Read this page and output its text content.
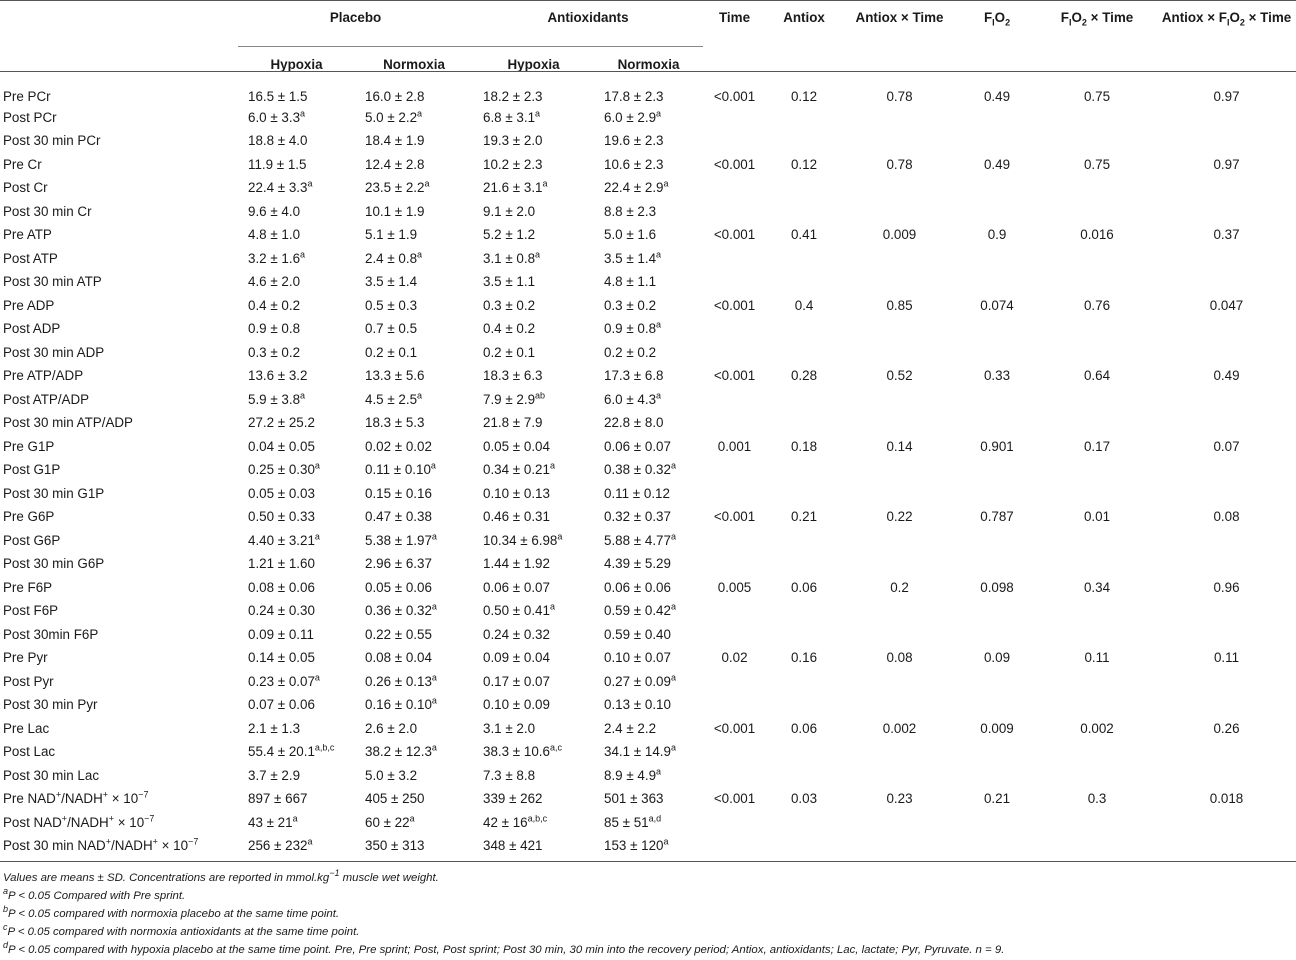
	Placebo		Antioxidants		Time	Antiox	Antiox × Time	$F_IO_2$	$F_IO_2$ × Time	Antiox × $F_IO_2$ × Time
	Hypoxia	Normoxia	Hypoxia	Normoxia						
Pre PCr	16.5 ± 1.5	16.0 ± 2.8	18.2 ± 2.3	17.8 ± 2.3	<0.001	0.12	0.78	0.49	0.75	0.97
Post PCr	6.0 ± 3.3$^a$	5.0 ± 2.2$^a$	6.8 ± 3.1$^a$	6.0 ± 2.9$^a$						
Post 30 min PCr	18.8 ± 4.0	18.4 ± 1.9	19.3 ± 2.0	19.6 ± 2.3						
Pre Cr	11.9 ± 1.5	12.4 ± 2.8	10.2 ± 2.3	10.6 ± 2.3	<0.001	0.12	0.78	0.49	0.75	0.97
Post Cr	22.4 ± 3.3$^a$	23.5 ± 2.2$^a$	21.6 ± 3.1$^a$	22.4 ± 2.9$^a$						
Post 30 min Cr	9.6 ± 4.0	10.1 ± 1.9	9.1 ± 2.0	8.8 ± 2.3						
Pre ATP	4.8 ± 1.0	5.1 ± 1.9	5.2 ± 1.2	5.0 ± 1.6	<0.001	0.41	0.009	0.9	0.016	0.37
Post ATP	3.2 ± 1.6$^a$	2.4 ± 0.8$^a$	3.1 ± 0.8$^a$	3.5 ± 1.4$^a$						
Post 30 min ATP	4.6 ± 2.0	3.5 ± 1.4	3.5 ± 1.1	4.8 ± 1.1						
Pre ADP	0.4 ± 0.2	0.5 ± 0.3	0.3 ± 0.2	0.3 ± 0.2	<0.001	0.4	0.85	0.074	0.76	0.047
Post ADP	0.9 ± 0.8	0.7 ± 0.5	0.4 ± 0.2	0.9 ± 0.8$^a$						
Post 30 min ADP	0.3 ± 0.2	0.2 ± 0.1	0.2 ± 0.1	0.2 ± 0.2						
Pre ATP/ADP	13.6 ± 3.2	13.3 ± 5.6	18.3 ± 6.3	17.3 ± 6.8	<0.001	0.28	0.52	0.33	0.64	0.49
Post ATP/ADP	5.9 ± 3.8$^a$	4.5 ± 2.5$^a$	7.9 ± 2.9$^{ab}$	6.0 ± 4.3$^a$						
Post 30 min ATP/ADP	27.2 ± 25.2	18.3 ± 5.3	21.8 ± 7.9	22.8 ± 8.0						
Pre G1P	0.04 ± 0.05	0.02 ± 0.02	0.05 ± 0.04	0.06 ± 0.07	0.001	0.18	0.14	0.901	0.17	0.07
Post G1P	0.25 ± 0.30$^a$	0.11 ± 0.10$^a$	0.34 ± 0.21$^a$	0.38 ± 0.32$^a$						
Post 30 min G1P	0.05 ± 0.03	0.15 ± 0.16	0.10 ± 0.13	0.11 ± 0.12						
Pre G6P	0.50 ± 0.33	0.47 ± 0.38	0.46 ± 0.31	0.32 ± 0.37	<0.001	0.21	0.22	0.787	0.01	0.08
Post G6P	4.40 ± 3.21$^a$	5.38 ± 1.97$^a$	10.34 ± 6.98$^a$	5.88 ± 4.77$^a$						
Post 30 min G6P	1.21 ± 1.60	2.96 ± 6.37	1.44 ± 1.92	4.39 ± 5.29						
Pre F6P	0.08 ± 0.06	0.05 ± 0.06	0.06 ± 0.07	0.06 ± 0.06	0.005	0.06	0.2	0.098	0.34	0.96
Post F6P	0.24 ± 0.30	0.36 ± 0.32$^a$	0.50 ± 0.41$^a$	0.59 ± 0.42$^a$						
Post 30min F6P	0.09 ± 0.11	0.22 ± 0.55	0.24 ± 0.32	0.59 ± 0.40						
Pre Pyr	0.14 ± 0.05	0.08 ± 0.04	0.09 ± 0.04	0.10 ± 0.07	0.02	0.16	0.08	0.09	0.11	0.11
Post Pyr	0.23 ± 0.07$^a$	0.26 ± 0.13$^a$	0.17 ± 0.07	0.27 ± 0.09$^a$						
Post 30 min Pyr	0.07 ± 0.06	0.16 ± 0.10$^a$	0.10 ± 0.09	0.13 ± 0.10						
Pre Lac	2.1 ± 1.3	2.6 ± 2.0	3.1 ± 2.0	2.4 ± 2.2	<0.001	0.06	0.002	0.009	0.002	0.26
Post Lac	$55.4 \pm 20.1^{a,b,c}$	38.2 ± 12.3$^a$	$38.3 \pm 10.6^{a,c}$	34.1 ± 14.9$^a$						
Post 30 min Lac	3.7 ± 2.9	5.0 ± 3.2	7.3 ± 8.8	8.9 ± 4.9$^a$						
Pre NAD+/NADH+ × $10^{-7}$	897 ± 667	405 ± 250	339 ± 262	501 ± 363	<0.001	0.03	0.23	0.21	0.3	0.018
Post NAD+/NADH+ × $10^{-7}$	$43 \pm 21^a$	$60 \pm 22^a$	$42 \pm 16^{a,b,c}$	$85 \pm 51^{a,d}$						
Post 30 min NAD+/NADH+ × $10^{-7}$	$256 \pm 232^a$	350 ± 313	348 ± 421	$153 \pm 120^a$						
Values are means ± SD. Concentrations are reported in $mmol.kg^{-1}$ muscle wet weight.
$^a$P < 0.05 Compared with Pre sprint.
$^b$P < 0.05 compared with normoxia placebo at the same time point.
$^c$P < 0.05 compared with normoxia antioxidants at the same time point.
$^d$P < 0.05 compared with hypoxia placebo at the same time point. Pre, Pre sprint; Post, Post sprint; Post 30 min, 30 min into the recovery period; Antiox, antioxidants; Lac, lactate; Pyr, Pyruvate. n = 9.
